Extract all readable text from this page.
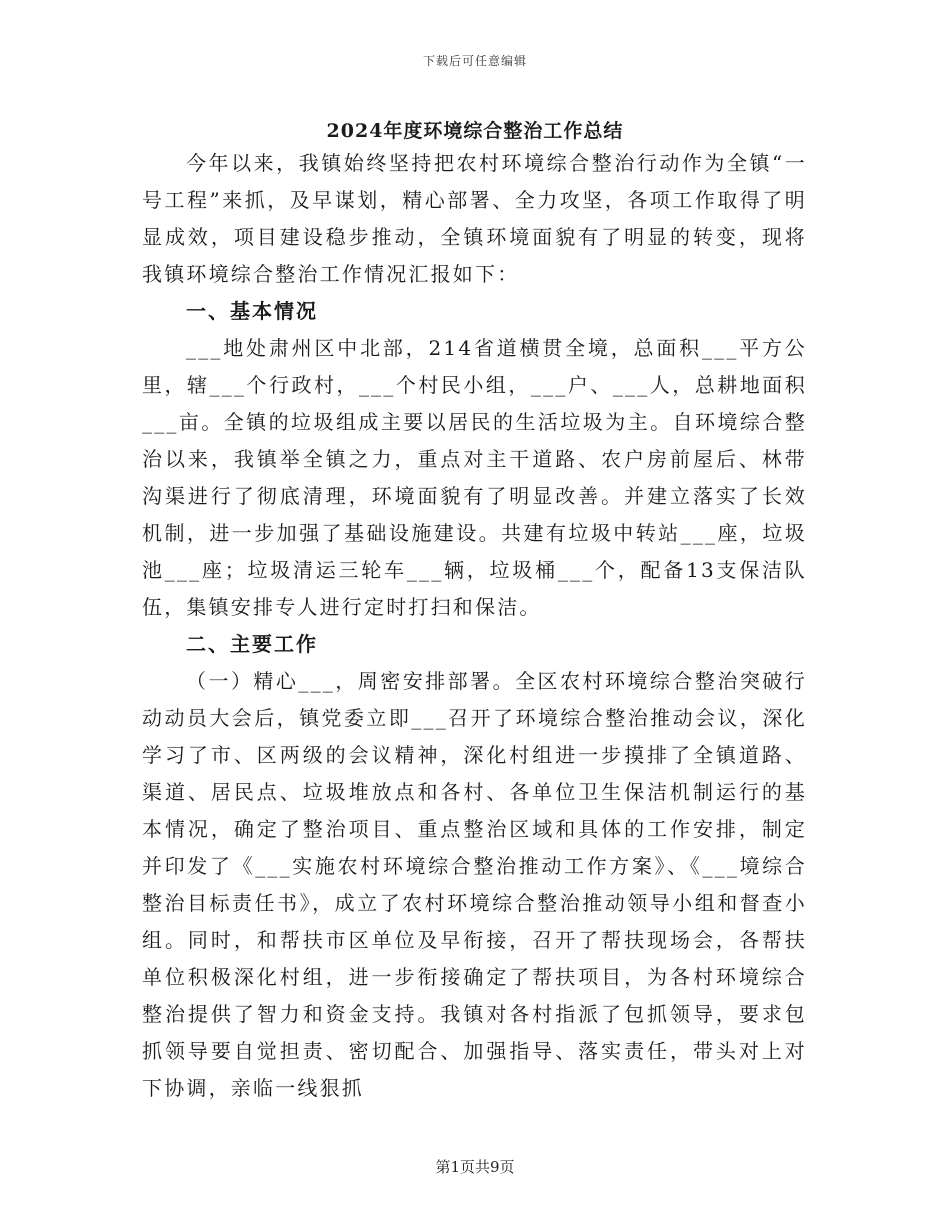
下载后可任意编辑
2024年度环境综合整治工作总结

今年以来，我镇始终坚持把农村环境综合整治行动作为全镇“一号工程”来抓，及早谋划，精心部署、全力攻坚，各项工作取得了明显成效，项目建设稳步推动，全镇环境面貌有了明显的转变，现将我镇环境综合整治工作情况汇报如下：

一、基本情况

___地处肃州区中北部，214省道横贯全境，总面积___平方公里，辖___个行政村，___个村民小组，___户、___人，总耕地面积___亩。全镇的垃圾组成主要以居民的生活垃圾为主。自环境综合整治以来，我镇举全镇之力，重点对主干道路、农户房前屋后、林带沟渠进行了彻底清理，环境面貌有了明显改善。并建立落实了长效机制，进一步加强了基础设施建设。共建有垃圾中转站___座，垃圾池___座；垃圾清运三轮车___辆，垃圾桶___个，配备13支保洁队伍，集镇安排专人进行定时打扫和保洁。

二、主要工作

（一）精心___，周密安排部署。全区农村环境综合整治突破行动动员大会后，镇党委立即___召开了环境综合整治推动会议，深化学习了市、区两级的会议精神，深化村组进一步摸排了全镇道路、渠道、居民点、垃圾堆放点和各村、各单位卫生保洁机制运行的基本情况，确定了整治项目、重点整治区域和具体的工作安排，制定并印发了《___实施农村环境综合整治推动工作方案》、《___境综合整治目标责任书》，成立了农村环境综合整治推动领导小组和督查小组。同时，和帮扶市区单位及早衔接，召开了帮扶现场会，各帮扶单位积极深化村组，进一步衔接确定了帮扶项目，为各村环境综合整治提供了智力和资金支持。我镇对各村指派了包抓领导，要求包抓领导要自觉担责、密切配合、加强指导、落实责任，带头对上对下协调，亲临一线狠抓

第1页共9页
